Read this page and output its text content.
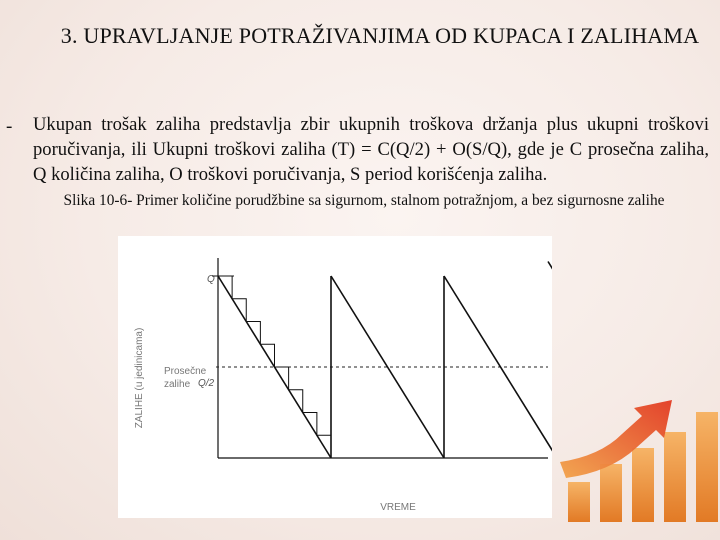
3. UPRAVLJANJE POTRAŽIVANJIMA OD KUPACA I ZALIHAMA
- Ukupan trošak zaliha predstavlja zbir ukupnih troškova držanja plus ukupni troškovi poručivanja, ili Ukupni troškovi zaliha (T) = C(Q/2) + O(S/Q), gde je C prosečna zaliha, Q količina zaliha, O troškovi poručivanja, S period korišćenja zaliha.
Slika 10-6- Primer količine porudžbine sa sigurnom, stalnom potražnjom, a bez sigurnosne zalihe
ZALIHE (u jedinicama) Prosečne
zalihe
VREME
Q
Q/2
